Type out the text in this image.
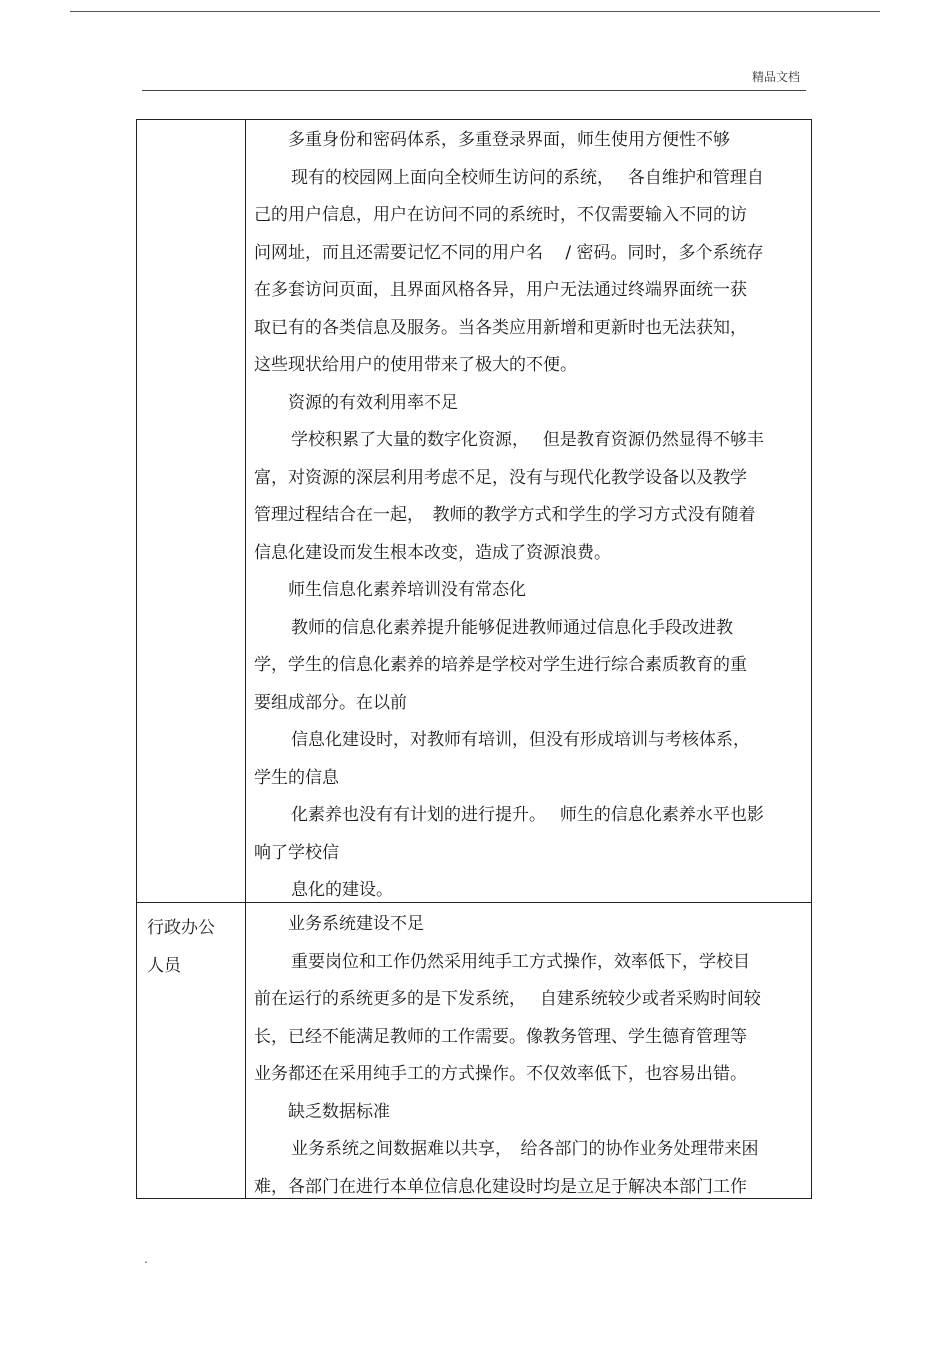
精品文档

多重身份和密码体系，多重登录界面，师生使用方便性不够

现有的校园网上面向全校师生访问的系统，　 各自维护和管理自

己的用户信息，用户在访问不同的系统时，不仅需要输入不同的访

问网址，而且还需要记忆不同的用户名　 / 密码。同时，多个系统存

在多套访问页面，且界面风格各异，用户无法通过终端界面统一获

取已有的各类信息及服务。当各类应用新增和更新时也无法获知，

这些现状给用户的使用带来了极大的不便。

资源的有效利用率不足

学校积累了大量的数字化资源，　 但是教育资源仍然显得不够丰

富，对资源的深层利用考虑不足，没有与现代化教学设备以及教学

管理过程结合在一起，　教师的教学方式和学生的学习方式没有随着

信息化建设而发生根本改变，造成了资源浪费。

师生信息化素养培训没有常态化

教师的信息化素养提升能够促进教师通过信息化手段改进教

学，学生的信息化素养的培养是学校对学生进行综合素质教育的重

要组成部分。在以前

信息化建设时，对教师有培训，但没有形成培训与考核体系，

学生的信息

化素养也没有有计划的进行提升。　 师生的信息化素养水平也影

响了学校信

息化的建设。

行政办公
人员

业务系统建设不足

重要岗位和工作仍然采用纯手工方式操作，效率低下，学校目

前在运行的系统更多的是下发系统，　 自建系统较少或者采购时间较

长，已经不能满足教师的工作需要。像教务管理、学生德育管理等

业务都还在采用纯手工的方式操作。不仅效率低下，也容易出错。

缺乏数据标准

业务系统之间数据难以共享，　给各部门的协作业务处理带来困

难，各部门在进行本单位信息化建设时均是立足于解决本部门工作

.
